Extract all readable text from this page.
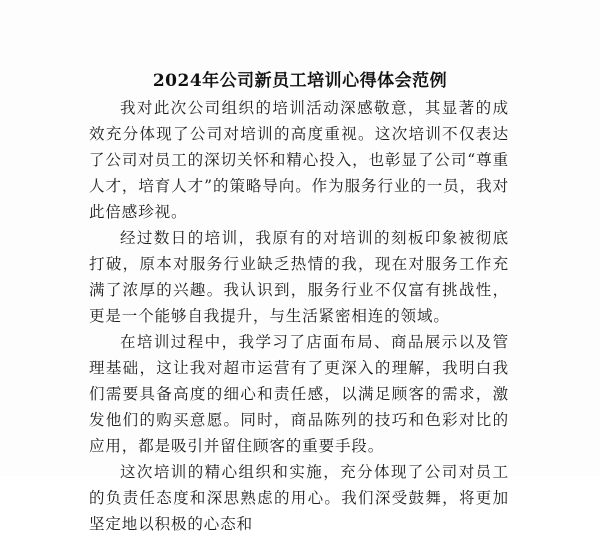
2024年公司新员工培训心得体会范例

我对此次公司组织的培训活动深感敬意，其显著的成效充分体现了公司对培训的高度重视。这次培训不仅表达了公司对员工的深切关怀和精心投入，也彰显了公司“尊重人才，培育人才”的策略导向。作为服务行业的一员，我对此倍感珍视。

经过数日的培训，我原有的对培训的刻板印象被彻底打破，原本对服务行业缺乏热情的我，现在对服务工作充满了浓厚的兴趣。我认识到，服务行业不仅富有挑战性，更是一个能够自我提升，与生活紧密相连的领域。

在培训过程中，我学习了店面布局、商品展示以及管理基础，这让我对超市运营有了更深入的理解，我明白我们需要具备高度的细心和责任感，以满足顾客的需求，激发他们的购买意愿。同时，商品陈列的技巧和色彩对比的应用，都是吸引并留住顾客的重要手段。

这次培训的精心组织和实施，充分体现了公司对员工的负责任态度和深思熟虑的用心。我们深受鼓舞，将更加坚定地以积极的心态和
